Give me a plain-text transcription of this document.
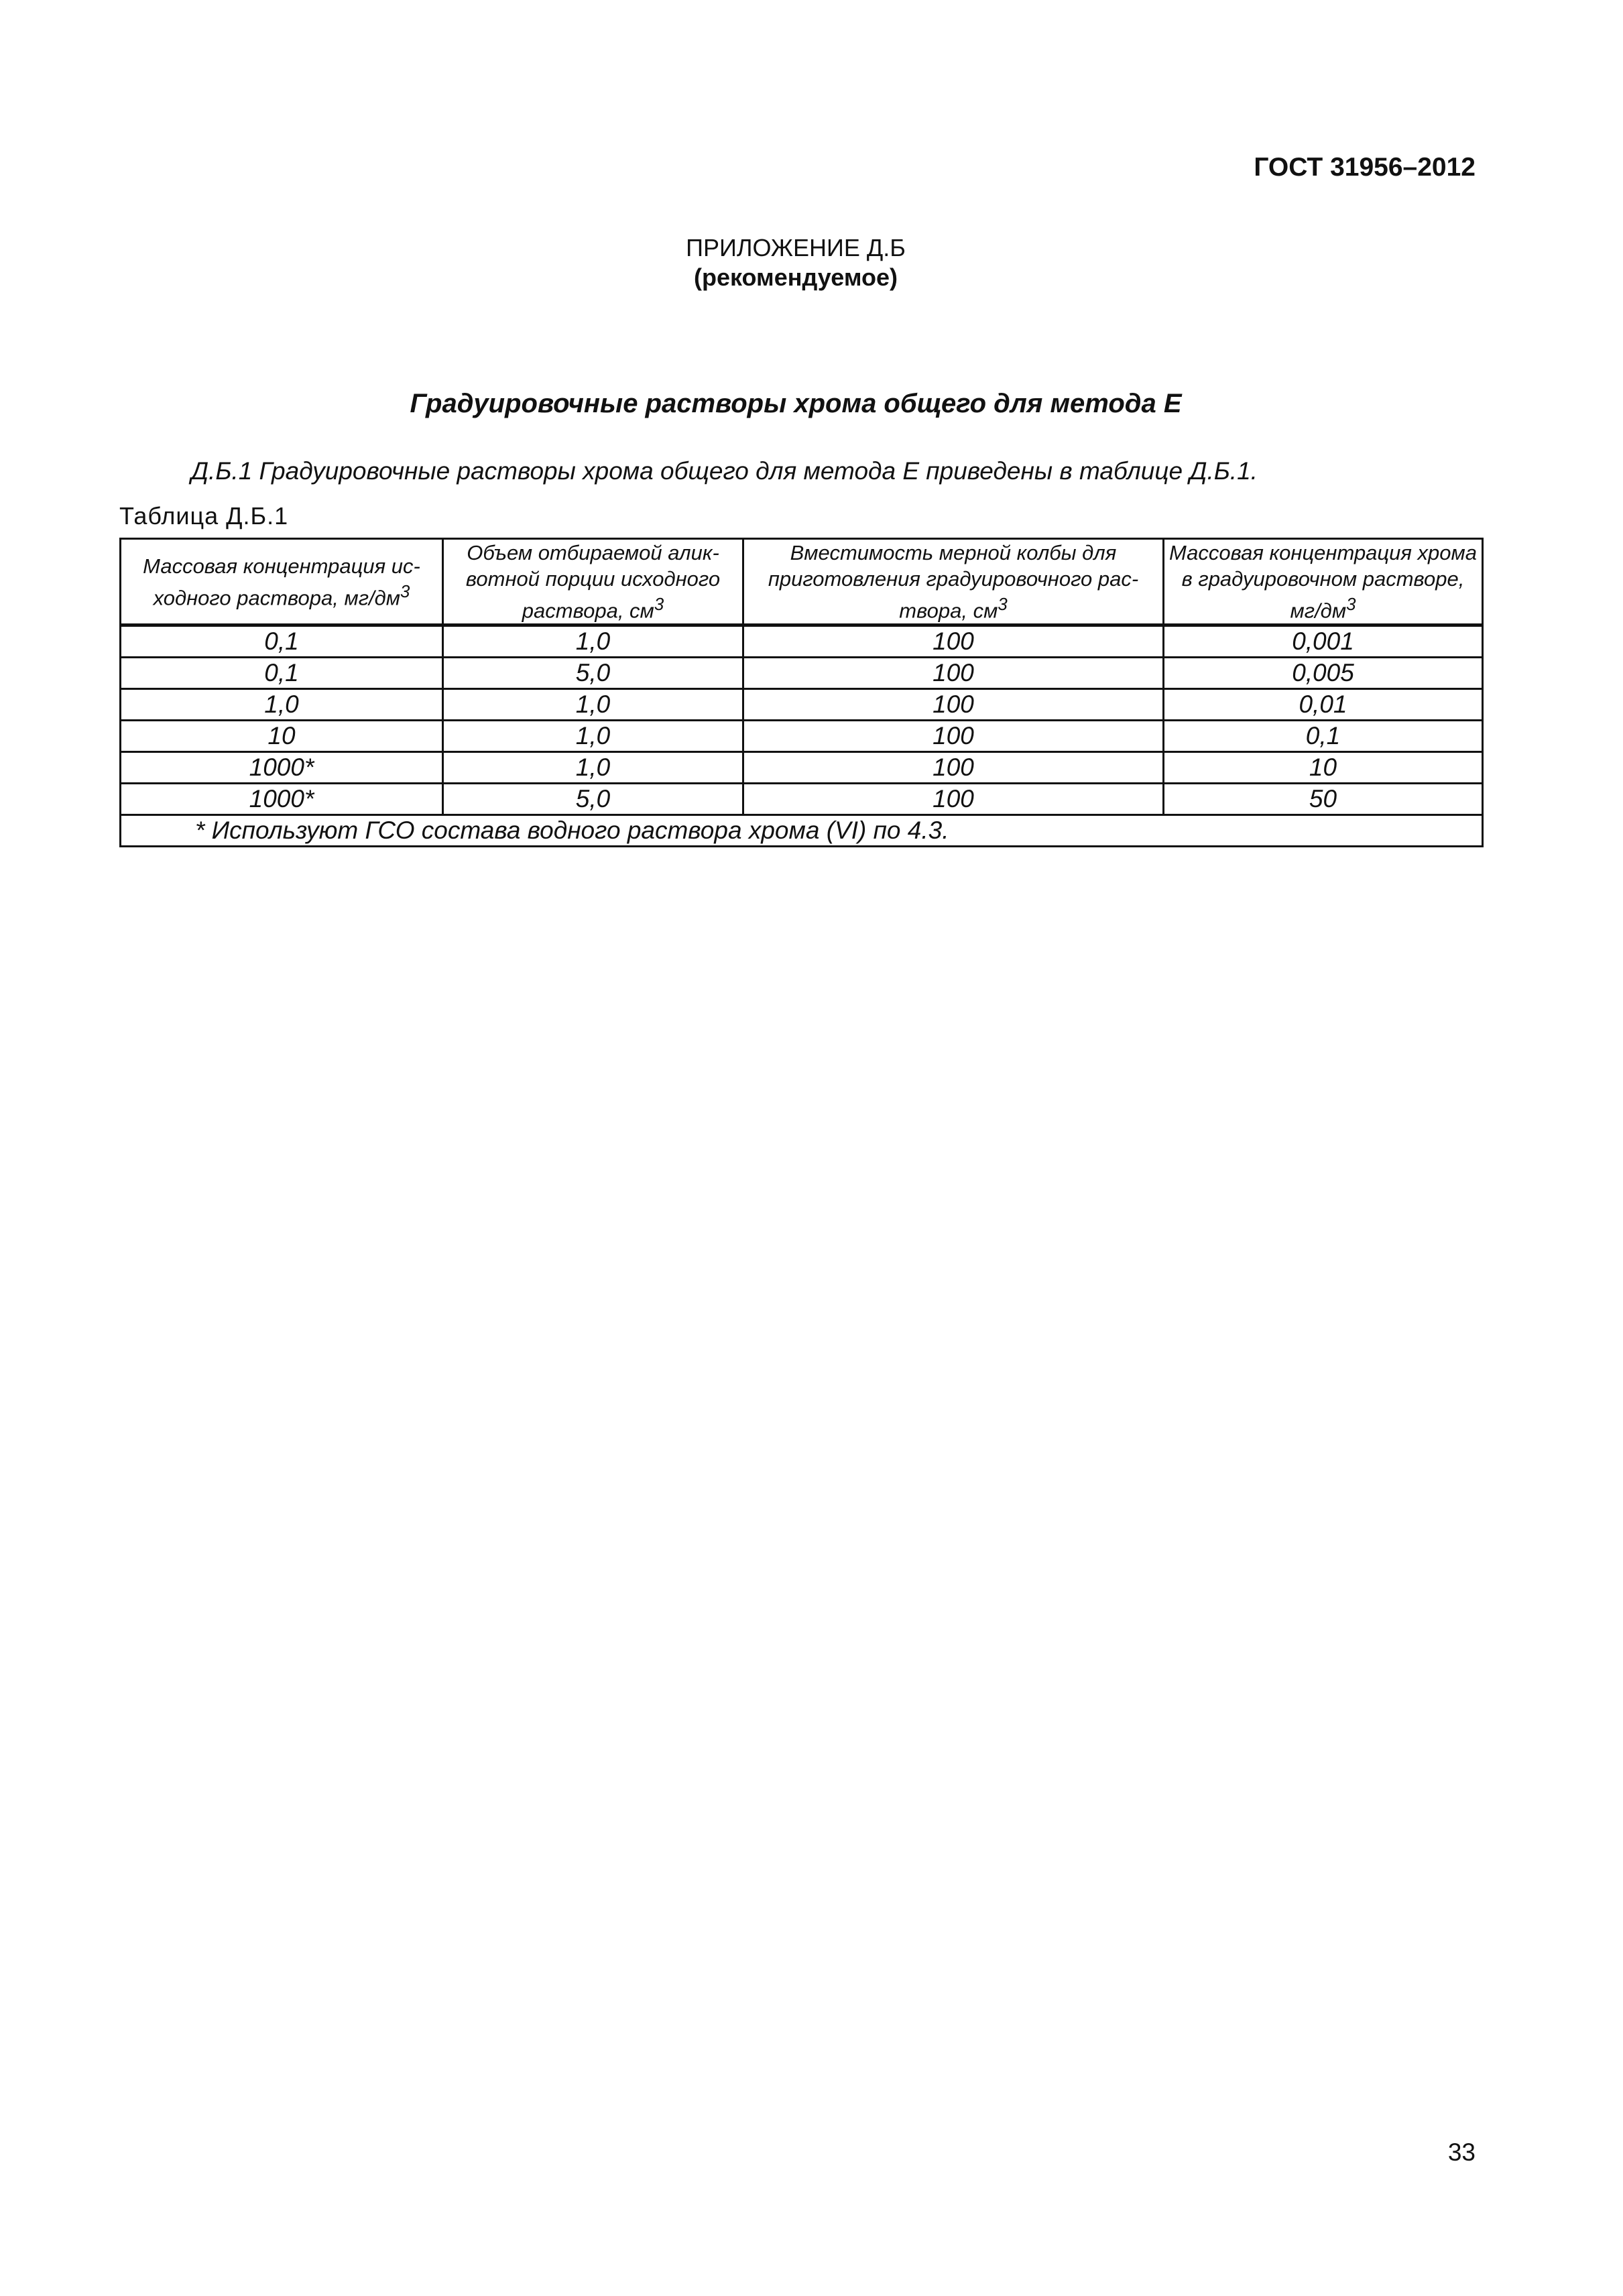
ГОСТ 31956–2012
ПРИЛОЖЕНИЕ Д.Б
(рекомендуемое)
Градуировочные растворы хрома общего для метода Е
Д.Б.1 Градуировочные растворы хрома общего для метода Е приведены в таблице Д.Б.1.
Таблица Д.Б.1
Массовая концентрация ис-ходного раствора, $мг/дм^3$	Объем отбираемой алик-вотной порции исходного раствора, $см^3$	Вместимость мерной колбы для приготовления градуировочного рас-твора, $см^3$	Массовая концентрация хрома в градуировочном растворе, $мг/дм^3$
0,1	1,0	100	0,001
0,1	5,0	100	0,005
1,0	1,0	100	0,01
10	1,0	100	0,1
1000*	1,0	100	10
1000*	5,0	100	50
* Используют ГСО состава водного раствора хрома (VI) по 4.3.			
33
